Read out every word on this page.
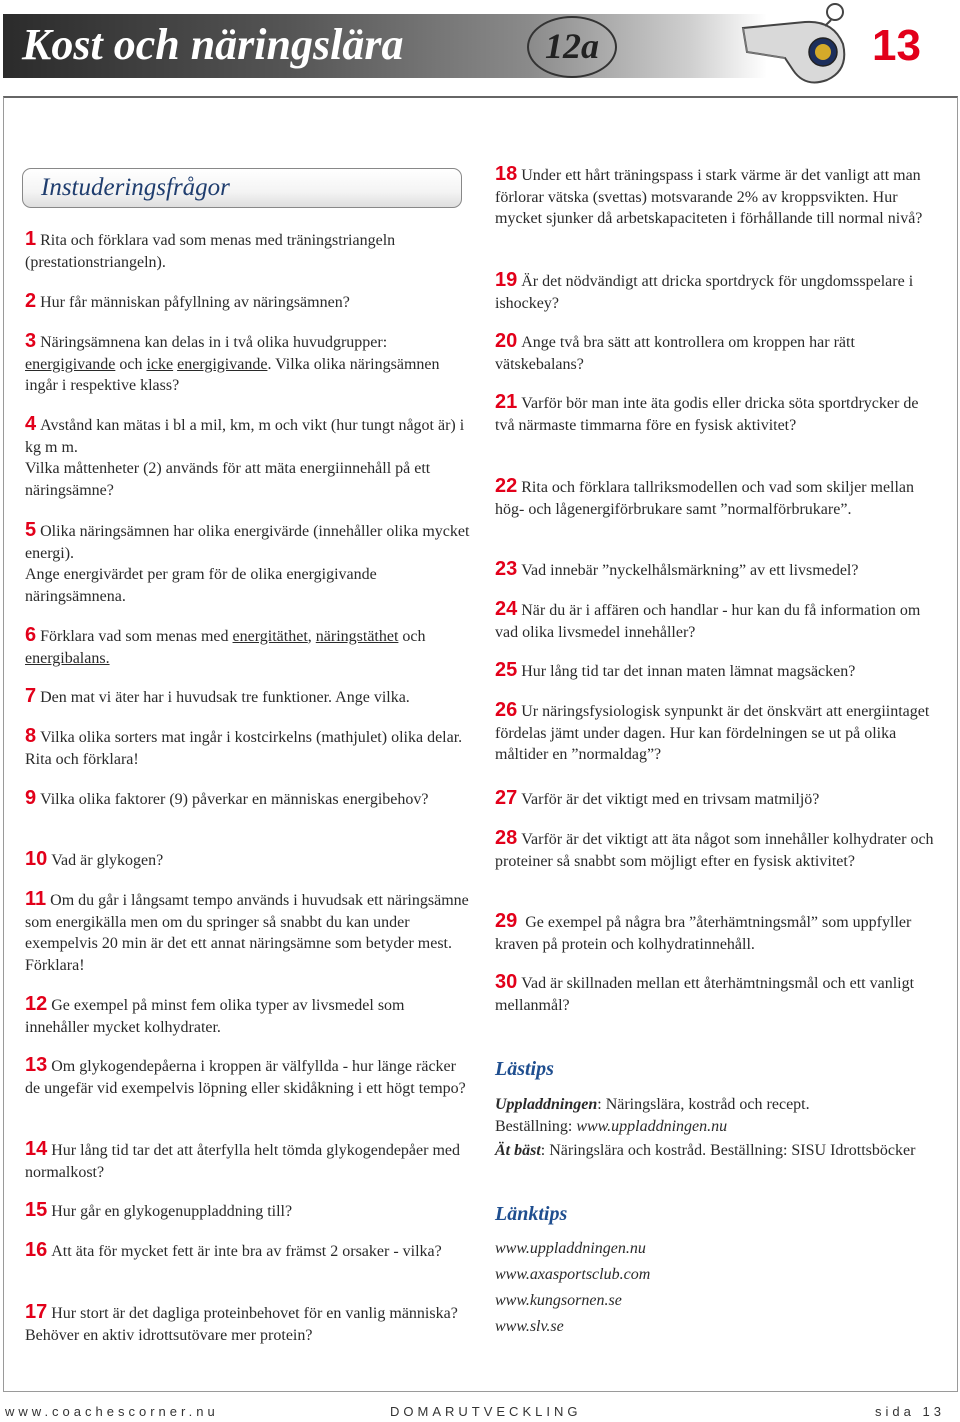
Kost och näringslära	12a	13
Instuderingsfrågor

1 Rita och förklara vad som menas med träningstriangeln (prestationstriangeln).

2 Hur får människan påfyllning av näringsämnen?

3 Näringsämnena kan delas in i två olika huvudgrupper: energigivande och icke energigivande. Vilka olika näringsämnen ingår i respektive klass?

4 Avstånd kan mätas i bl a mil, km, m och vikt (hur tungt något är) i kg m m.
Vilka måttenheter (2) används för att mäta energiinnehåll på ett näringsämne?

5 Olika näringsämnen har olika energivärde (innehåller olika mycket energi).
Ange energivärdet per gram för de olika energigivande näringsämnena.

6 Förklara vad som menas med energitäthet, näringstäthet och energibalans.

7 Den mat vi äter har i huvudsak tre funktioner. Ange vilka.

8 Vilka olika sorters mat ingår i kostcirkelns (mathjulet) olika delar. Rita och förklara!

9 Vilka olika faktorer (9) påverkar en människas energibehov?

10 Vad är glykogen?

11 Om du går i långsamt tempo används i huvudsak ett näringsämne som energikälla men om du springer så snabbt du kan under exempelvis 20 min är det ett annat näringsämne som betyder mest. Förklara!

12 Ge exempel på minst fem olika typer av livsmedel som innehåller mycket kolhydrater.

13 Om glykogendepåerna i kroppen är välfyllda - hur länge räcker de ungefär vid exempelvis löpning eller skidåkning i ett högt tempo?

14 Hur lång tid tar det att återfylla helt tömda glykogendepåer med normalkost?

15 Hur går en glykogenuppladdning till?

16 Att äta för mycket fett är inte bra av främst 2 orsaker - vilka?

17 Hur stort är det dagliga proteinbehovet för en vanlig människa? Behöver en aktiv idrottsutövare mer protein?

18 Under ett hårt träningspass i stark värme är det vanligt att man förlorar vätska (svettas) motsvarande 2% av kroppsvikten. Hur mycket sjunker då arbetskapaciteten i förhållande till normal nivå?

19 Är det nödvändigt att dricka sportdryck för ungdomsspelare i ishockey?

20 Ange två bra sätt att kontrollera om kroppen har rätt vätskebalans?

21 Varför bör man inte äta godis eller dricka söta sportdrycker de två närmaste timmarna före en fysisk aktivitet?

22 Rita och förklara tallriksmodellen och vad som skiljer mellan hög- och lågenergiförbrukare samt ”normalförbrukare”.

23 Vad innebär ”nyckelhålsmärkning” av ett livsmedel?

24 När du är i affären och handlar - hur kan du få information om vad olika livsmedel innehåller?

25 Hur lång tid tar det innan maten lämnat magsäcken?

26 Ur näringsfysiologisk synpunkt är det önskvärt att energiintaget fördelas jämt under dagen. Hur kan fördelningen se ut på olika måltider en ”normaldag”?

27 Varför är det viktigt med en trivsam matmiljö?

28 Varför är det viktigt att äta något som innehåller kolhydrater och proteiner så snabbt som möjligt efter en fysisk aktivitet?

29 Ge exempel på några bra ”återhämtningsmål” som uppfyller kraven på protein och kolhydratinnehåll.

30 Vad är skillnaden mellan ett återhämtningsmål och ett vanligt mellanmål?

Lästips
Uppladdningen: Näringslära, kostråd och recept.
Beställning: www.uppladdningen.nu
Ät bäst: Näringslära och kostråd. Beställning: SISU Idrottsböcker
Länktips
www.uppladdningen.nu
www.axasportsclub.com
www.kungsornen.se
www.slv.se
www.coachescorner.nu	DOMARUTVECKLING	sida 13
